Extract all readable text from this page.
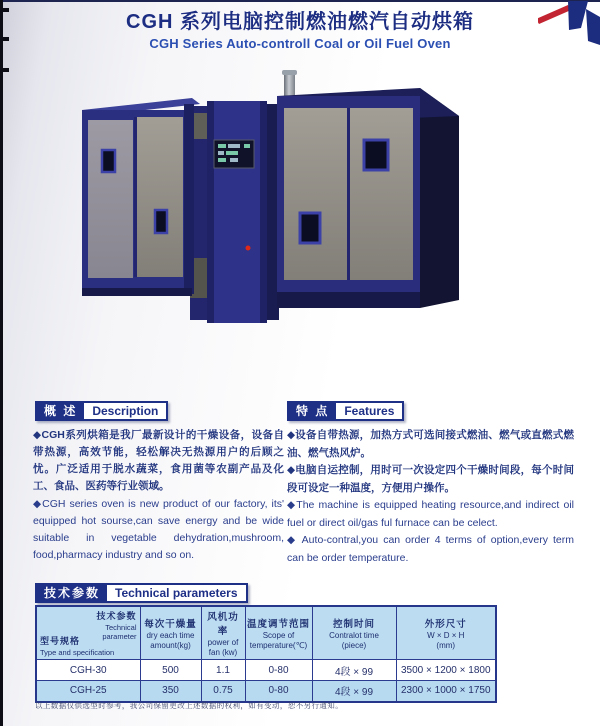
CGH 系列电脑控制燃油燃汽自动烘箱
CGH Series Auto-controll Coal or Oil Fuel Oven
概 述	Description

◆CGH系列烘箱是我厂最新设计的干燥设备，设备自带热源，高效节能，轻松解决无热源用户的后顾之忧。广泛适用于脱水蔬菜，食用菌等农副产品及化工、食品、医药等行业领域。

◆CGH series oven is new product of our factory, its' equipped hot sourse,can save energy and be wide suitable in vegetable dehydration,mushroom, food,pharmacy industry and so on.

特 点	Features

◆设备自带热源，加热方式可选间接式燃油、燃气或直燃式燃油、燃气热风炉。

◆电脑自运控制，用时可一次设定四个干燥时间段，每个时间段可设定一种温度，方便用户操作。

◆The machine is equipped heating resource,and indirect oil fuel or direct oil/gas ful furnace can be celect.

◆ Auto-contral,you can order 4 terms of option,every term can be order temperature.

技术参数	Technical parameters
技术参数
Technical parameter
型号规格
Type and specification	每次干燥量
dry each time
amount(kg)	风机功率
power of
fan (kw)	温度调节范围
Scope of
temperature(℃)	控制时间
Contralot time
(piece)	外形尺寸
W × D × H
(mm)

CGH-30	500	1.1	0-80	4段 × 99	3500 × 1200 × 1800
CGH-25	350	0.75	0-80	4段 × 99	2300 × 1000 × 1750

以上数据仅供选型时参考，我公司保留更改上述数据的权利，如有变动，恕不另行通知。
